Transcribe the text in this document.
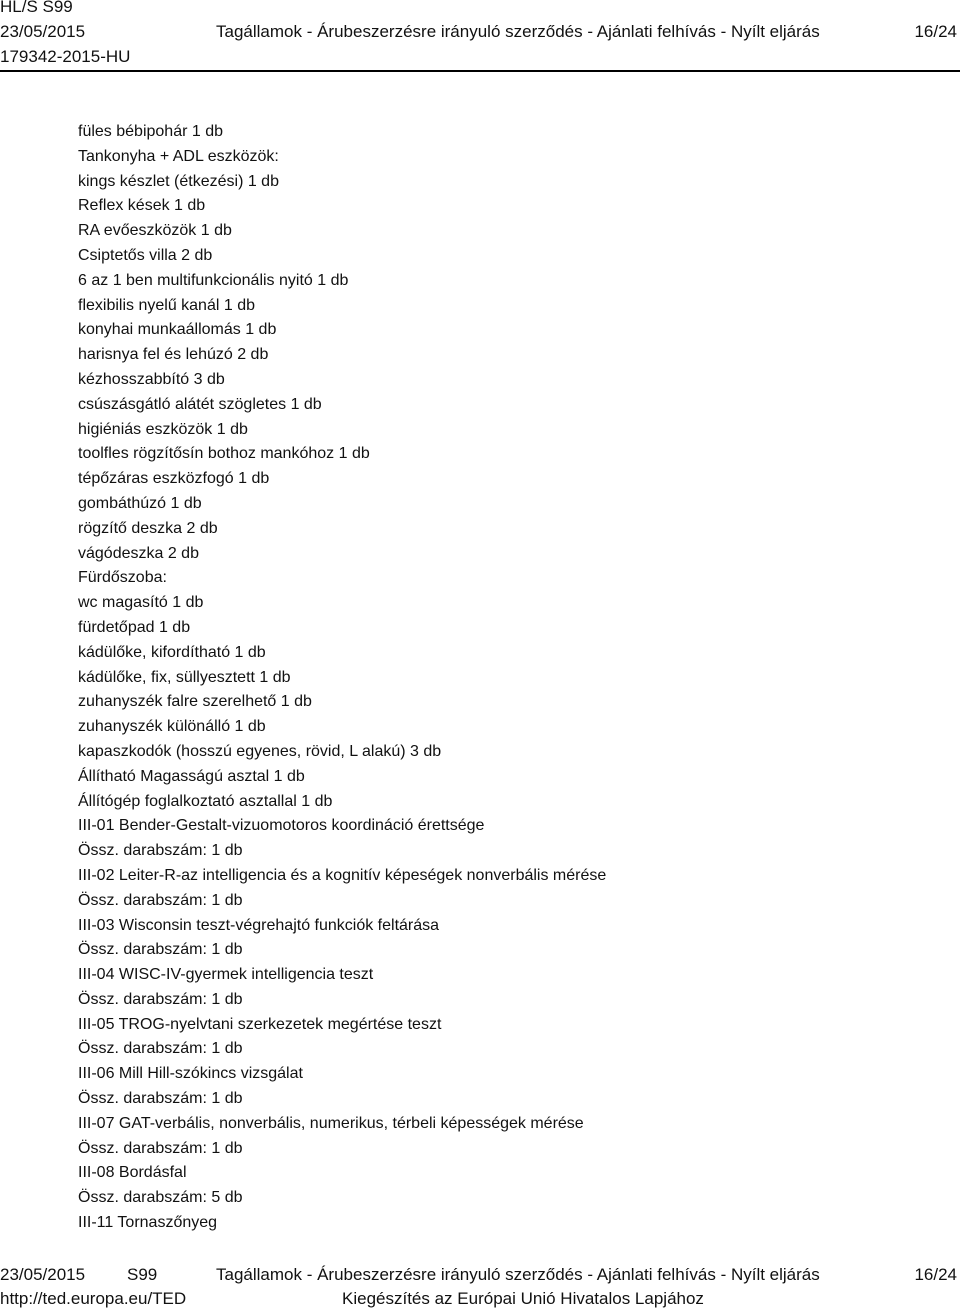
HL/S S99
23/05/2015	Tagállamok - Árubeszerzésre irányuló szerződés - Ajánlati felhívás - Nyílt eljárás	16/24
179342-2015-HU
füles bébipohár 1 db
Tankonyha + ADL eszközök:
kings készlet (étkezési) 1 db
Reflex kések 1 db
RA evőeszközök 1 db
Csiptetős villa 2 db
6 az 1 ben multifunkcionális nyitó 1 db
flexibilis nyelű kanál 1 db
konyhai munkaállomás 1 db
harisnya fel és lehúzó 2 db
kézhosszabbító 3 db
csúszásgátló alátét szögletes 1 db
higiéniás eszközök 1 db
toolfles rögzítősín bothoz mankóhoz 1 db
tépőzáras eszközfogó 1 db
gombáthúzó 1 db
rögzítő deszka 2 db
vágódeszka 2 db
Fürdőszoba:
wc magasító 1 db
fürdetőpad 1 db
kádülőke, kifordítható 1 db
kádülőke, fix, süllyesztett 1 db
zuhanyszék falre szerelhető 1 db
zuhanyszék különálló 1 db
kapaszkodók (hosszú egyenes, rövid, L alakú) 3 db
Állítható Magasságú asztal 1 db
Állítógép foglalkoztató asztallal 1 db
III-01 Bender-Gestalt-vizuomotoros koordináció érettsége
Össz. darabszám: 1 db
III-02 Leiter-R-az intelligencia és a kognitív képeségek nonverbális mérése
Össz. darabszám: 1 db
III-03 Wisconsin teszt-végrehajtó funkciók feltárása
Össz. darabszám: 1 db
III-04 WISC-IV-gyermek intelligencia teszt
Össz. darabszám: 1 db
III-05 TROG-nyelvtani szerkezetek megértése teszt
Össz. darabszám: 1 db
III-06 Mill Hill-szókincs vizsgálat
Össz. darabszám: 1 db
III-07 GAT-verbális, nonverbális, numerikus, térbeli képességek mérése
Össz. darabszám: 1 db
III-08 Bordásfal
Össz. darabszám: 5 db
III-11 Tornaszőnyeg
23/05/2015 S99	Tagállamok - Árubeszerzésre irányuló szerződés - Ajánlati felhívás - Nyílt eljárás	16/24
http://ted.europa.eu/TED	Kiegészítés az Európai Unió Hivatalos Lapjához
